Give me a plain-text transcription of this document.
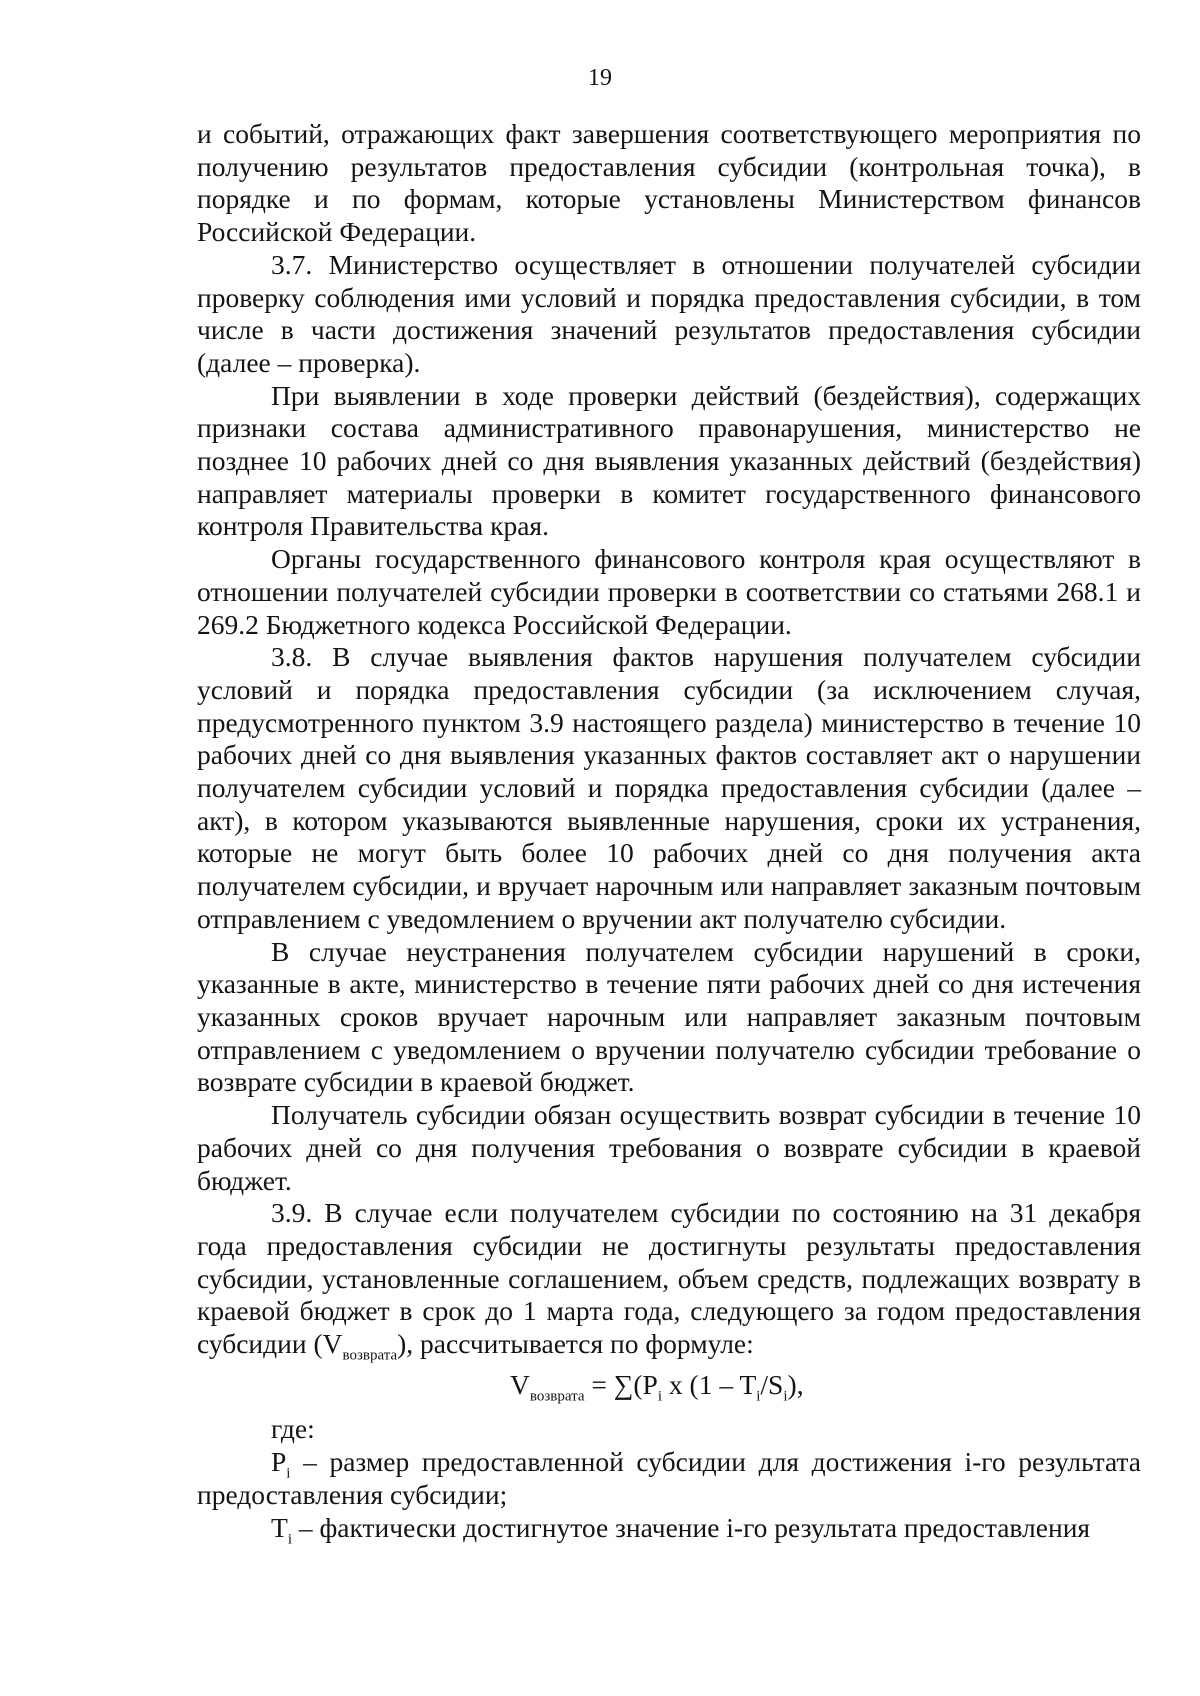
19

и событий, отражающих факт завершения соответствующего мероприятия по получению результатов предоставления субсидии (контрольная точка), в порядке и по формам, которые установлены Министерством финансов Российской Федерации.

3.7. Министерство осуществляет в отношении получателей субсидии проверку соблюдения ими условий и порядка предоставления субсидии, в том числе в части достижения значений результатов предоставления субсидии (далее – проверка).

При выявлении в ходе проверки действий (бездействия), содержащих признаки состава административного правонарушения, министерство не позднее 10 рабочих дней со дня выявления указанных действий (бездействия) направляет материалы проверки в комитет государственного финансового контроля Правительства края.

Органы государственного финансового контроля края осуществляют в отношении получателей субсидии проверки в соответствии со статьями 268.1 и 269.2 Бюджетного кодекса Российской Федерации.

3.8. В случае выявления фактов нарушения получателем субсидии условий и порядка предоставления субсидии (за исключением случая, предусмотренного пунктом 3.9 настоящего раздела) министерство в течение 10 рабочих дней со дня выявления указанных фактов составляет акт о нарушении получателем субсидии условий и порядка предоставления субсидии (далее – акт), в котором указываются выявленные нарушения, сроки их устранения, которые не могут быть более 10 рабочих дней со дня получения акта получателем субсидии, и вручает нарочным или направляет заказным почтовым отправлением с уведомлением о вручении акт получателю субсидии.

В случае неустранения получателем субсидии нарушений в сроки, указанные в акте, министерство в течение пяти рабочих дней со дня истечения указанных сроков вручает нарочным или направляет заказным почтовым отправлением с уведомлением о вручении получателю субсидии требование о возврате субсидии в краевой бюджет.

Получатель субсидии обязан осуществить возврат субсидии в течение 10 рабочих дней со дня получения требования о возврате субсидии в краевой бюджет.

3.9. В случае если получателем субсидии по состоянию на 31 декабря года предоставления субсидии не достигнуты результаты предоставления субсидии, установленные соглашением, объем средств, подлежащих возврату в краевой бюджет в срок до 1 марта года, следующего за годом предоставления субсидии $(V_{возврата})$, рассчитывается по формуле:

$V_{возврата} = \sum(P_i$ x $(1 - T_i/S_i)$,

где:

$P_i$ – размер предоставленной субсидии для достижения i-го результата предоставления субсидии;

$T_i$ – фактически достигнутое значение i-го результата предоставления
